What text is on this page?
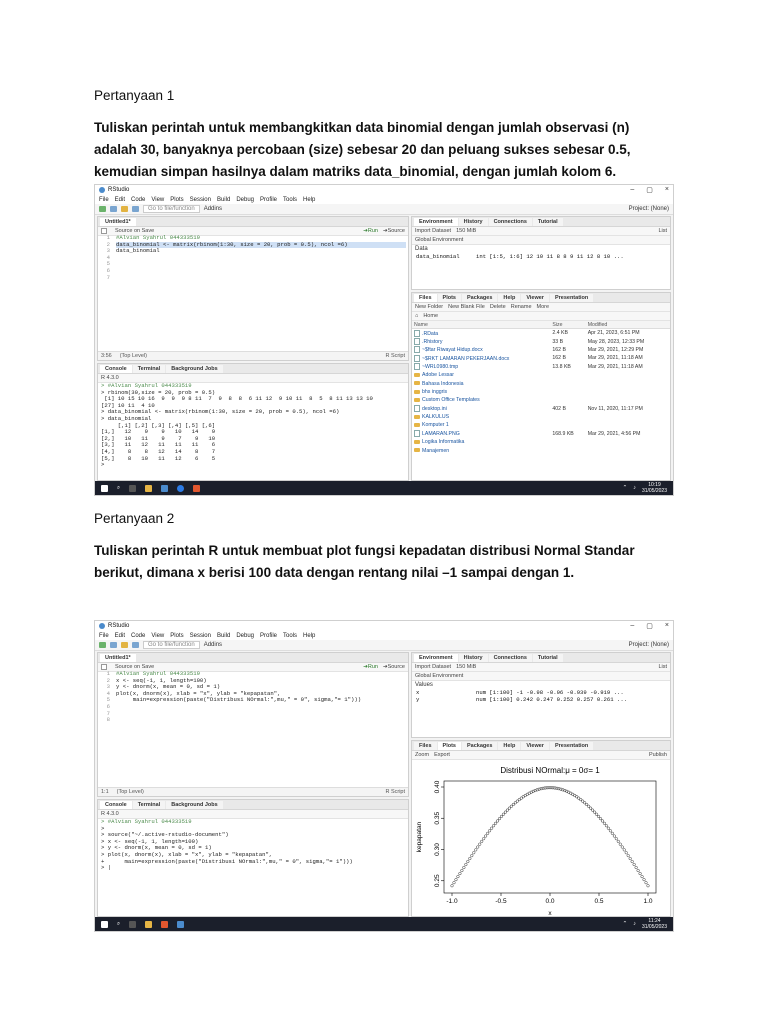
Pertanyaan 1
Tuliskan perintah untuk membangkitkan data binomial dengan jumlah observasi (n) adalah 30, banyaknya percobaan (size) sebesar 20 dan peluang sukses sebesar 0.5, kemudian simpan hasilnya dalam matriks data_binomial, dengan jumlah kolom 6.
RStudio	– ▢ ×
File Edit Code View Plots Session Build Debug Profile Tools Help
Go to file/function	Addins	Project: (None)
Untitled1*
Source on Save	➔Run ➔Source
1
2
3
4
5
6
7
#Alvian Syahrul 044333519
data_binomial <- matrix(rbinom(1:30, size = 20, prob = 0.5), ncol =6)
data_binomial
3:56 (Top Level)	R Script
Console	Terminal	Background Jobs
R 4.3.0
> #Alvian Syahrul 044333519
> rbinom(30,size = 20, prob = 0.5)
[1] 10 15 10 16  9  9  9 8 11  7  9  8  8  6 11 12  9 10 11  8  5  8 11 13 13 10
[27] 10 11  4 10
> data_binomial <- matrix(rbinom(1:30, size = 20, prob = 0.5), ncol =6)
> data_binomial
[,1] [,2] [,3] [,4] [,5] [,6]
[1,]   12    9    9   10   14    9
[2,]   10   11    9    7    9   10
[3,]   11   12   11   11   11    6
[4,]    8    8   12   14    8    7
[5,]    8   10   11   12    6    5
>
Environment	History	Connections	Tutorial
Import Dataset 150 MiB	List
Global Environment
Data
data_binomial	int [1:5, 1:6] 12 10 11 8 8 9 11 12 8 10 ...
Files	Plots	Packages	Help	Viewer	Presentation
New Folder New Blank File Delete Rename More
⌂ Home
Name	Size	Modified
.RData	2.4 KB	Apr 21, 2023, 6:51 PM
.Rhistory	33 B	May 28, 2023, 12:33 PM
~$ftar Riwayat Hidup.docx	162 B	Mar 29, 2021, 12:29 PM
~$RKT LAMARAN PEKERJAAN.docx	162 B	Mar 29, 2021, 11:18 AM
~WRL0980.tmp	13.8 KB	Mar 29, 2021, 11:18 AM
Adobe Lessar		
Bahasa Indonesia		
bhs inggris		
Custom Office Templates		
desktop.ini	402 B	Nov 11, 2020, 11:17 PM
KALKULUS		
Komputer 1		
LAMARAN.PNG	168.9 KB	Mar 29, 2021, 4:56 PM
Logika Informatika		
Manajemen		
⌕	⌃ ♪	10:19
31/05/2023
Pertanyaan 2
Tuliskan perintah R untuk membuat plot fungsi kepadatan distribusi Normal Standar berikut, dimana x berisi 100 data dengan rentang nilai –1 sampai dengan 1.
RStudio	– ▢ ×
File Edit Code View Plots Session Build Debug Profile Tools Help
Go to file/function	Addins	Project: (None)
Untitled1*
Source on Save	➔Run ➔Source
1
2
3
4
5
6
7
8
#Alvian Syahrul 044333519
x <- seq(-1, 1, length=100)
y <- dnorm(x, mean = 0, sd = 1)
plot(x, dnorm(x), xlab = "x", ylab = "kepapatan",
main=expression(paste("Distribusi NOrmal:",mu," = 0", sigma,"= 1")))
1:1 (Top Level)	R Script
Console	Terminal	Background Jobs
R 4.3.0
> #Alvian Syahrul 044333519
>
> source("~/.active-rstudio-document")
> x <- seq(-1, 1, length=100)
> y <- dnorm(x, mean = 0, sd = 1)
> plot(x, dnorm(x), xlab = "x", ylab = "kepapatan",
+      main=expression(paste("Distribusi NOrmal:",mu," = 0", sigma,"= 1")))
> |
Environment	History	Connections	Tutorial
Import Dataset 150 MiB	List
Global Environment
Values
x	num [1:100] -1 -0.98 -0.96 -0.939 -0.919 ...
y	num [1:100] 0.242 0.247 0.252 0.257 0.261 ...
Files	Plots	Packages	Help	Viewer	Presentation
Zoom Export	Publish
Distribusi NOrmal:μ = 0σ= 1
-1.0	-0.5	0.0	0.5	1.0
0.25
0.30
0.35
0.40
x
kepapatan
⌕	⌃ ♪	11:24
31/05/2023
